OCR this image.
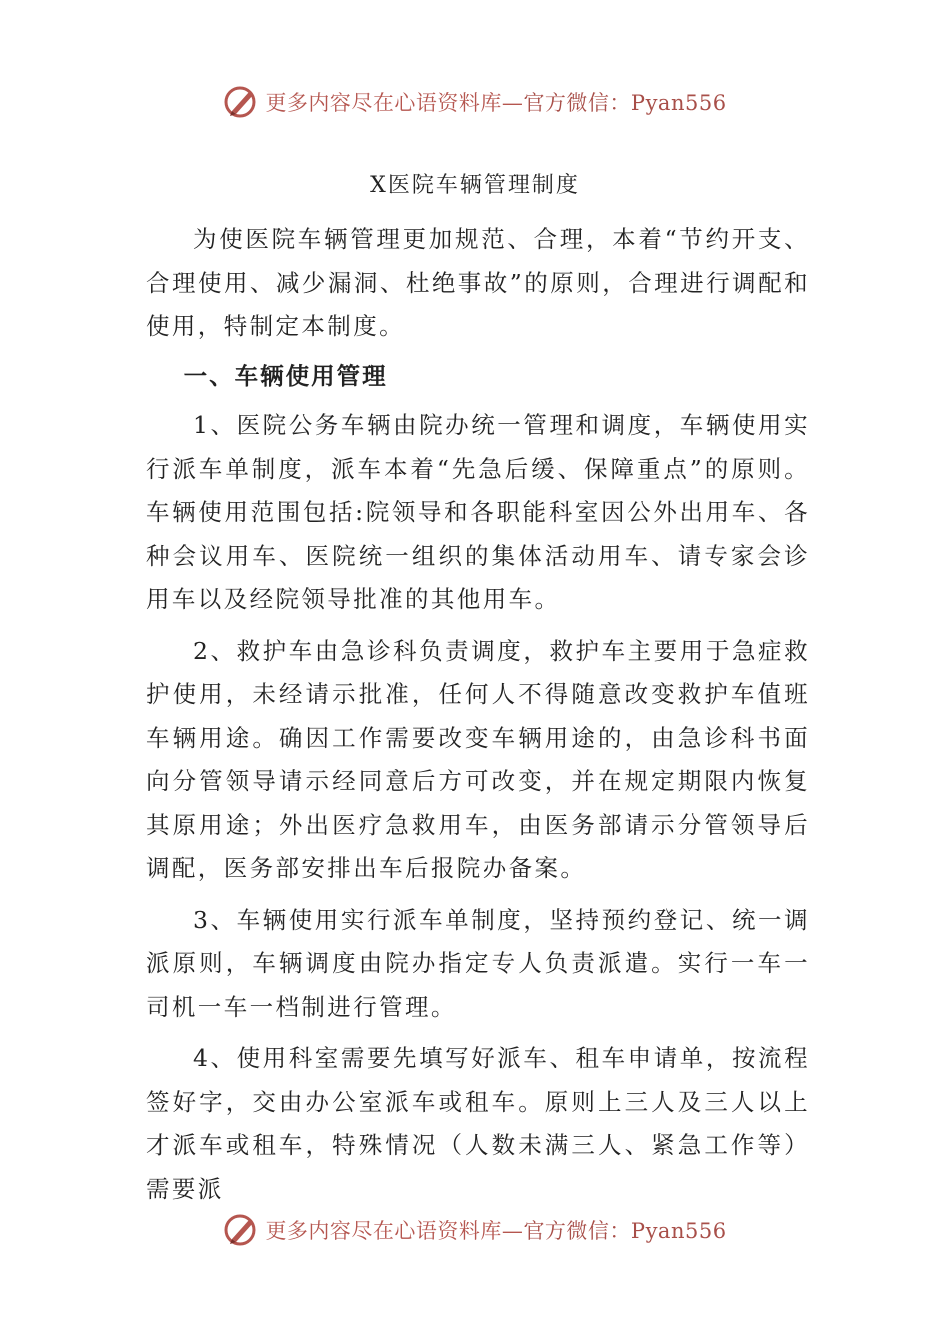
更多内容尽在心语资料库—官方微信：Pyan556
X医院车辆管理制度

为使医院车辆管理更加规范、合理，本着“节约开支、合理使用、减少漏洞、杜绝事故”的原则，合理进行调配和使用，特制定本制度。

一、车辆使用管理

1、医院公务车辆由院办统一管理和调度，车辆使用实行派车单制度，派车本着“先急后缓、保障重点”的原则。车辆使用范围包括:院领导和各职能科室因公外出用车、各种会议用车、医院统一组织的集体活动用车、请专家会诊用车以及经院领导批准的其他用车。

2、救护车由急诊科负责调度，救护车主要用于急症救护使用，未经请示批准，任何人不得随意改变救护车值班车辆用途。确因工作需要改变车辆用途的，由急诊科书面向分管领导请示经同意后方可改变，并在规定期限内恢复其原用途；外出医疗急救用车，由医务部请示分管领导后调配，医务部安排出车后报院办备案。

3、车辆使用实行派车单制度，坚持预约登记、统一调派原则，车辆调度由院办指定专人负责派遣。实行一车一司机一车一档制进行管理。

4、使用科室需要先填写好派车、租车申请单，按流程签好字，交由办公室派车或租车。原则上三人及三人以上才派车或租车，特殊情况（人数未满三人、紧急工作等）需要派

更多内容尽在心语资料库—官方微信：Pyan556
